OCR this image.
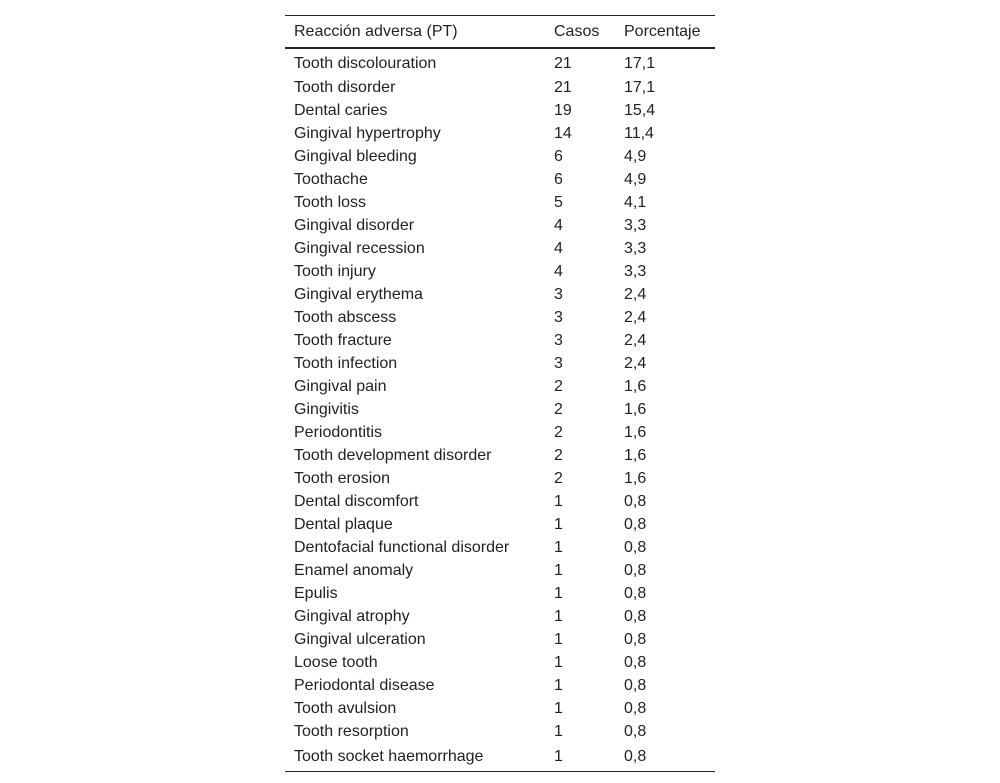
Reacción adversa (PT)	Casos	Porcentaje
Tooth discolouration	21	17,1
Tooth disorder	21	17,1
Dental caries	19	15,4
Gingival hypertrophy	14	11,4
Gingival bleeding	6	4,9
Toothache	6	4,9
Tooth loss	5	4,1
Gingival disorder	4	3,3
Gingival recession	4	3,3
Tooth injury	4	3,3
Gingival erythema	3	2,4
Tooth abscess	3	2,4
Tooth fracture	3	2,4
Tooth infection	3	2,4
Gingival pain	2	1,6
Gingivitis	2	1,6
Periodontitis	2	1,6
Tooth development disorder	2	1,6
Tooth erosion	2	1,6
Dental discomfort	1	0,8
Dental plaque	1	0,8
Dentofacial functional disorder	1	0,8
Enamel anomaly	1	0,8
Epulis	1	0,8
Gingival atrophy	1	0,8
Gingival ulceration	1	0,8
Loose tooth	1	0,8
Periodontal disease	1	0,8
Tooth avulsion	1	0,8
Tooth resorption	1	0,8
Tooth socket haemorrhage	1	0,8
